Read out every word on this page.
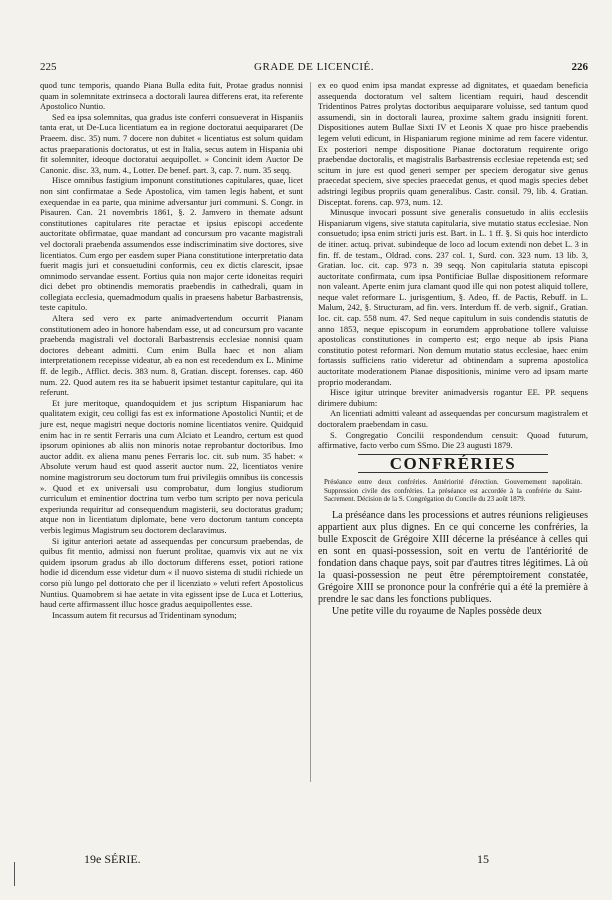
225	GRADE DE LICENCIÉ.	226

quod tunc temporis, quando Piana Bulla edita fuit, Protae gradus nonnisi quam in solemnitate extrinseca a doctorali laurea differens erat, ita referente Apostolico Nuntio.

Sed ea ipsa solemnitas, qua gradus iste conferri consueverat in Hispaniis tanta erat, ut De-Luca licentiatum ea in regione doctoratui aequipararet (De Praeem. disc. 35) num. 7 docere non dubitet « licentiatus est solum quidam actus praeparationis doctoratus, ut est in Italia, secus autem in Hispania ubi fit solemniter, ideoque doctoratui aequipollet. » Concinit idem Auctor De Canonic. disc. 33, num. 4., Lotter. De benef. part. 3, cap. 7. num. 35 seqq.

Hisce omnibus fastigium imponunt constitutiones capitulares, quae, licet non sint confirmatae a Sede Apostolica, vim tamen legis habent, et sunt exequendae in ea parte, qua minime adversantur juri communi. S. Congr. in Pisauren. Can. 21 novembris 1861, §. 2. Jamvero in themate adsunt constitutiones capitulares rite peractae et ipsius episcopi accedente auctoritate obfirmatae, quae mandant ad concursum pro vacante magistrali vel doctorali praebenda assumendos esse indiscriminatim sive doctores, sive licentiatos. Cum ergo per easdem super Piana constitutione interpretatio data fuerit magis juri et consuetudini conformis, ceu ex dictis clarescit, ipsae omnimodo servandae essent. Fortius quia non major certe idoneitas requiri dici debet pro obtinendis memoratis praebendis in cathedrali, quam in collegiata ecclesia, quemadmodum qualis in praesens habetur Barbastrensis, teste capitulo.

Altera sed vero ex parte animadvertendum occurrit Pianam constitutionem adeo in honore habendam esse, ut ad concursum pro vacante praebenda magistrali vel doctorali Barbastrensis ecclesiae nonnisi quam doctores debeant admitti. Cum enim Bulla haec et non aliam interpretationem recepisse videatur, ab ea non est recedendum ex L. Minime ff. de legib., Afflict. decis. 383 num. 8, Gratian. discept. forenses. cap. 460 num. 22. Quod autem res ita se habuerit ipsimet testantur capitulare, qui ita referunt.

Et jure meritoque, quandoquidem et jus scriptum Hispaniarum hac qualitatem exigit, ceu colligi fas est ex informatione Apostolici Nuntii; et de jure est, neque magistri neque doctoris nomine licentiatos venire. Quidquid enim hac in re sentit Ferraris una cum Alciato et Leandro, certum est quod ipsorum opiniones ab aliis non minoris notae reprobantur doctoribus. Imo auctor addit. ex aliena manu penes Ferraris loc. cit. sub num. 35 habet: « Absolute verum haud est quod asserit auctor num. 22, licentiatos venire nomine magistrorum seu doctorum tum frui privilegiis omnibus iis concessis ». Quod et ex universali usu comprobatur, dum longius studiorum curriculum et eminentior doctrina tum verbo tum scripto per nova pericula experiunda requiritur ad consequendum magisterii, seu doctoratus gradum; atque non in licentiatum diplomate, bene vero doctorum tantum concepta verbis legimus Magistrum seu doctorem declaravimus.

Si igitur anteriori aetate ad assequendas per concursum praebendas, de quibus fit mentio, admissi non fuerunt prolitae, quamvis vix aut ne vix quidem ipsorum gradus ab illo doctorum differens esset, potiori ratione hodie id dicendum esse videtur dum « il nuovo sistema di studii richiede un corso più lungo pel dottorato che per il licenziato » veluti refert Apostolicus Nuntius. Quamobrem si hae aetate in vita egissent ipse de Luca et Lotterius, haud certe affirmassent illuc hosce gradus aequipollentes esse.

Incassum autem fit recursus ad Tridentinam synodum;

ex eo quod enim ipsa mandat expresse ad dignitates, et quaedam beneficia assequenda doctoratum vel saltem licentiam requiri, haud descendit Tridentinos Patres prolytas doctoribus aequiparare voluisse, sed tantum quod assumendi, sin in doctorali laurea, proxime saltem gradu insigniti forent. Dispositiones autem Bullae Sixti IV et Leonis X quae pro hisce praebendis legem veluti edicunt, in Hispaniarum regione minime ad rem facere videntur. Ex posteriori nempe dispositione Pianae doctoratum requirente origo praebendae doctoralis, et magistralis Barbastrensis ecclesiae repetenda est; sed scitum in jure est quod generi semper per speciem derogatur sive genus praecedat speciem, sive species praecedat genus, et quod magis species debet adstringi legibus propriis quam generalibus. Castr. consil. 79, lib. 4. Gratian. Disceptat. forens. cap. 973, num. 12.

Minusque invocari possunt sive generalis consuetudo in aliis ecclesiis Hispaniarum vigens, sive statuta capitularia, sive mutatio status ecclesiae. Non consuetudo; ipsa enim stricti juris est. Bart. in L. 1 ff. §. Si quis hoc interdicto de itiner. actuq. privat. subindeque de loco ad locum extendi non debet L. 3 in fin. ff. de testam., Oldrad. cons. 237 col. 1, Surd. con. 323 num. 13 lib. 3, Gratian. loc. cit. cap. 973 n. 39 seqq. Non capitularia statuta episcopi auctoritate confirmata, cum ipsa Pontificiae Bullae dispositionem reformare non valeant. Aperte enim jura clamant quod ille qui non potest aliquid tollere, neque valet reformare L. jurisgentium, §. Adeo, ff. de Pactis, Rebuff. in L. Malum, 242, §. Structuram, ad fin. vers. Interdum ff. de verb. signif., Gratian. loc. cit. cap. 558 num. 47. Sed neque capitulum in suis condendis statutis de anno 1853, neque episcopum in eorumdem approbatione tollere valuisse apostolicas constitutiones in comperto est; ergo neque ab ipsis Piana constitutio potest reformari. Non demum mutatio status ecclesiae, haec enim fortassis sufficiens ratio videretur ad obtinendam a suprema apostolica auctoritate moderationem Pianae dispositionis, minime vero ad ipsam marte proprio moderandam.

Hisce igitur utrinque breviter animadversis rogantur EE. PP. sequens dirimere dubium:

An licentiati admitti valeant ad assequendas per concursum magistralem et doctoralem praebendam in casu.

S. Congregatio Concilii respondendum censuit: Quoad futurum, affirmative, facto verbo cum SSmo. Die 23 augusti 1879.

CONFRÉRIES
Préséance entre deux confréries. Antériorité d'érection. Gouvernement napolitain. Suppression civile des confréries. La préséance est accordée à la confrérie du Saint-Sacrement. Décision de la S. Congrégation du Concile du 23 août 1879.

La préséance dans les processions et autres réunions religieuses appartient aux plus dignes. En ce qui concerne les confréries, la bulle Exposcit de Grégoire XIII décerne la préséance à celles qui en sont en quasi-possession, soit en vertu de l'antériorité de fondation dans chaque pays, soit par d'autres titres légitimes. Là où la quasi-possession ne peut être péremptoirement constatée, Grégoire XIII se prononce pour la confrérie qui a été la première à prendre le sac dans les fonctions publiques.

Une petite ville du royaume de Naples possède deux

19e SÉRIE.	15
